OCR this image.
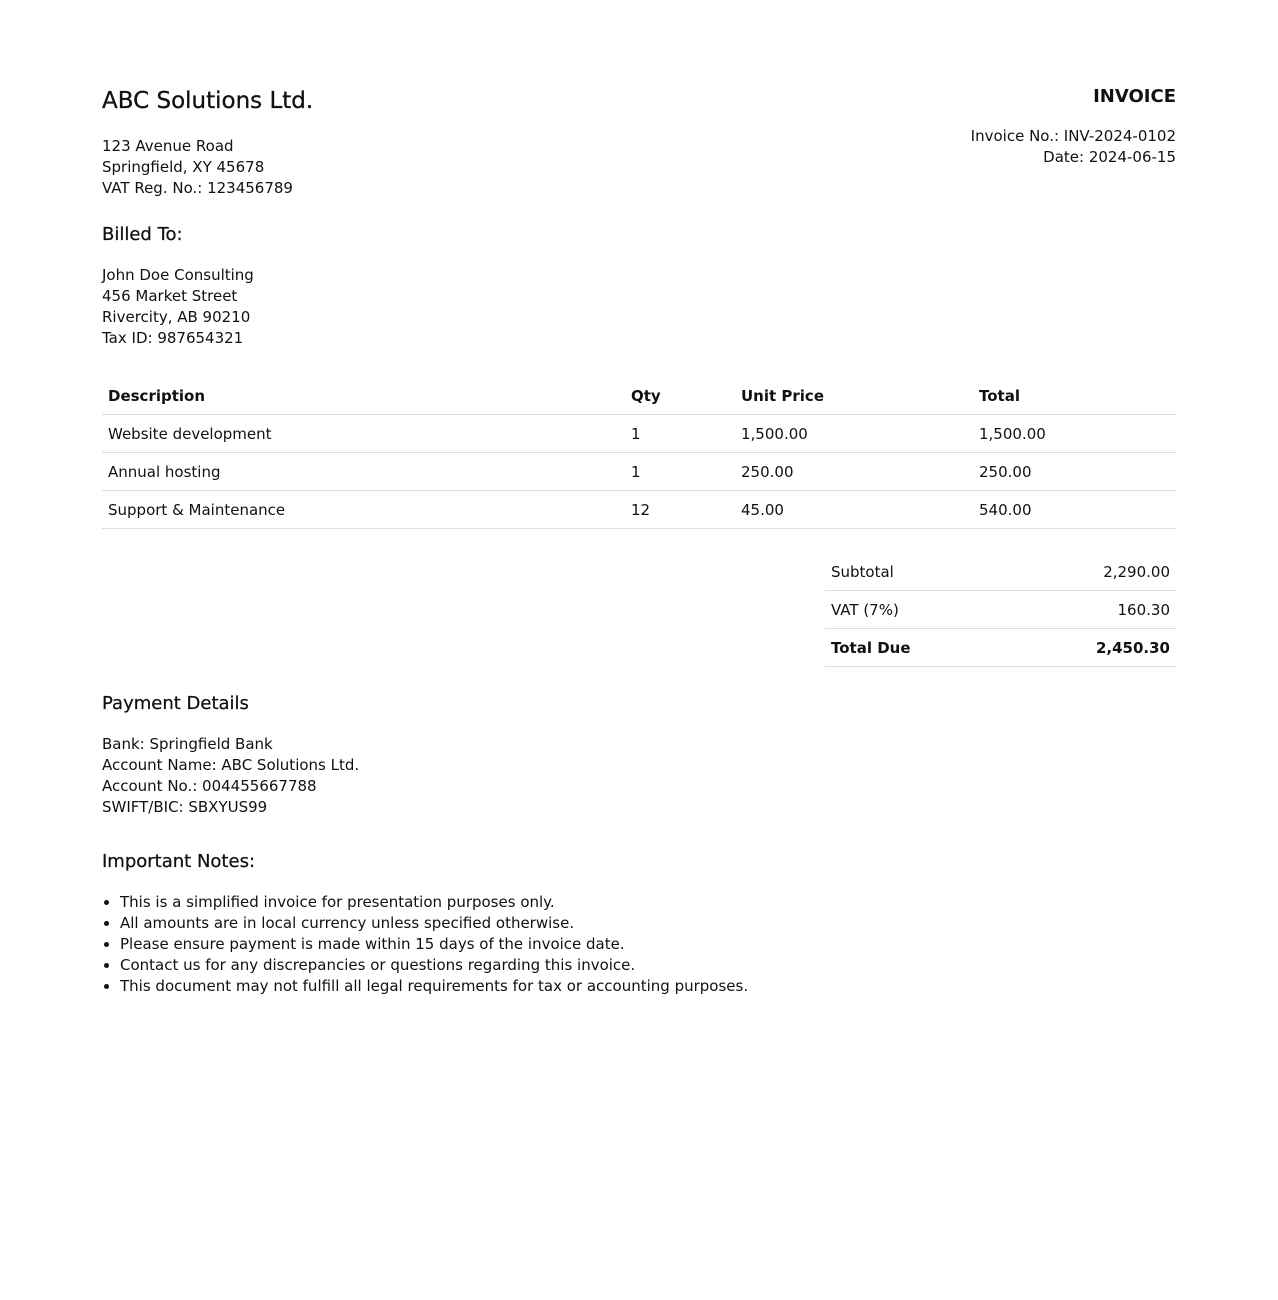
ABC Solutions Ltd.
123 Avenue Road
Springfield, XY 45678
VAT Reg. No.: 123456789
INVOICE
Invoice No.: INV-2024-0102
Date: 2024-06-15
Billed To:
John Doe Consulting
456 Market Street
Rivercity, AB 90210
Tax ID: 987654321
Description	Qty	Unit Price	Total
Website development	1	1,500.00	1,500.00
Annual hosting	1	250.00	250.00
Support & Maintenance	12	45.00	540.00
Subtotal	2,290.00
VAT (7%)	160.30
Total Due	2,450.30
Payment Details
Bank: Springfield Bank
Account Name: ABC Solutions Ltd.
Account No.: 004455667788
SWIFT/BIC: SBXYUS99
Important Notes:
• This is a simplified invoice for presentation purposes only.
• All amounts are in local currency unless specified otherwise.
• Please ensure payment is made within 15 days of the invoice date.
• Contact us for any discrepancies or questions regarding this invoice.
• This document may not fulfill all legal requirements for tax or accounting purposes.
